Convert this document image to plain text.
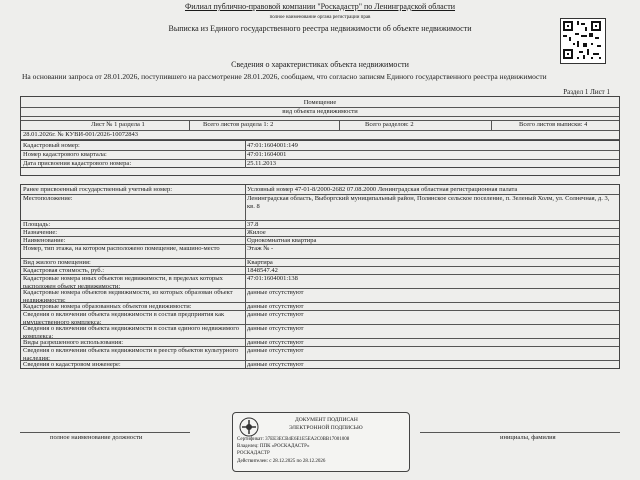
Филиал публично-правовой компании "Роскадастр" по Ленинградской области
полное наименование органа регистрации прав
Выписка из Единого государственного реестра недвижимости об объекте недвижимости
Сведения о характеристиках объекта недвижимости
На основании запроса от 28.01.2026, поступившего на рассмотрение 28.01.2026, сообщаем, что согласно записям Единого государственного реестра недвижимости
Раздел 1 Лист 1
Помещение
вид объекта недвижимости
Лист № 1 раздела 1	Всего листов раздела 1: 2	Всего разделов: 2	Всего листов выписки: 4
28.01.2026г. № КУВИ-001/2026-10072843
Кадастровый номер:	47:01:1604001:149
Номер кадастрового квартала:	47:01:1604001
Дата присвоения кадастрового номера:	25.11.2013
Ранее присвоенный государственный учетный номер:	Условный номер 47-01-8/2000-2682 07.08.2000 Ленинградская областная регистрационная палата
Местоположение:	Ленинградская область, Выборгский муниципальный район, Полянское сельское поселение, п. Зеленый Холм, ул. Солнечная, д. 3, кв. 8
Площадь:	37.8
Назначение:	Жилое
Наименование:	Однокомнатная квартира
Номер, тип этажа, на котором расположено помещение, машино-место	Этаж № -
Вид жилого помещения:	Квартира
Кадастровая стоимость, руб.:	1848547.42
Кадастровые номера иных объектов недвижимости, в пределах которых расположен объект недвижимости:
47:01:1604001:138
Кадастровые номера объектов недвижимости, из которых образован объект недвижимости:
данные отсутствуют
Кадастровые номера образованных объектов недвижимости:	данные отсутствуют
Сведения о включении объекта недвижимости в состав предприятия как имущественного комплекса:
данные отсутствуют
Сведения о включении объекта недвижимости в состав единого недвижимого комплекса:
данные отсутствуют
Виды разрешенного использования:	данные отсутствуют
Сведения о включении объекта недвижимости в реестр объектов культурного наследия:
данные отсутствуют
Сведения о кадастровом инженере:	данные отсутствуют
полное наименование должности	инициалы, фамилия
ДОКУМЕНТ ПОДПИСАН
ЭЛЕКТРОННОЙ ПОДПИСЬЮ
Сертификат: 37ЕЕ3ЕСВ4Е6Е1Е5ЕА2С0ВВ17001008
Владелец: ППК «РОСКАДАСТР»
РОСКАДАСТР
Действителен: с 28.12.2025 по 28.12.2026
